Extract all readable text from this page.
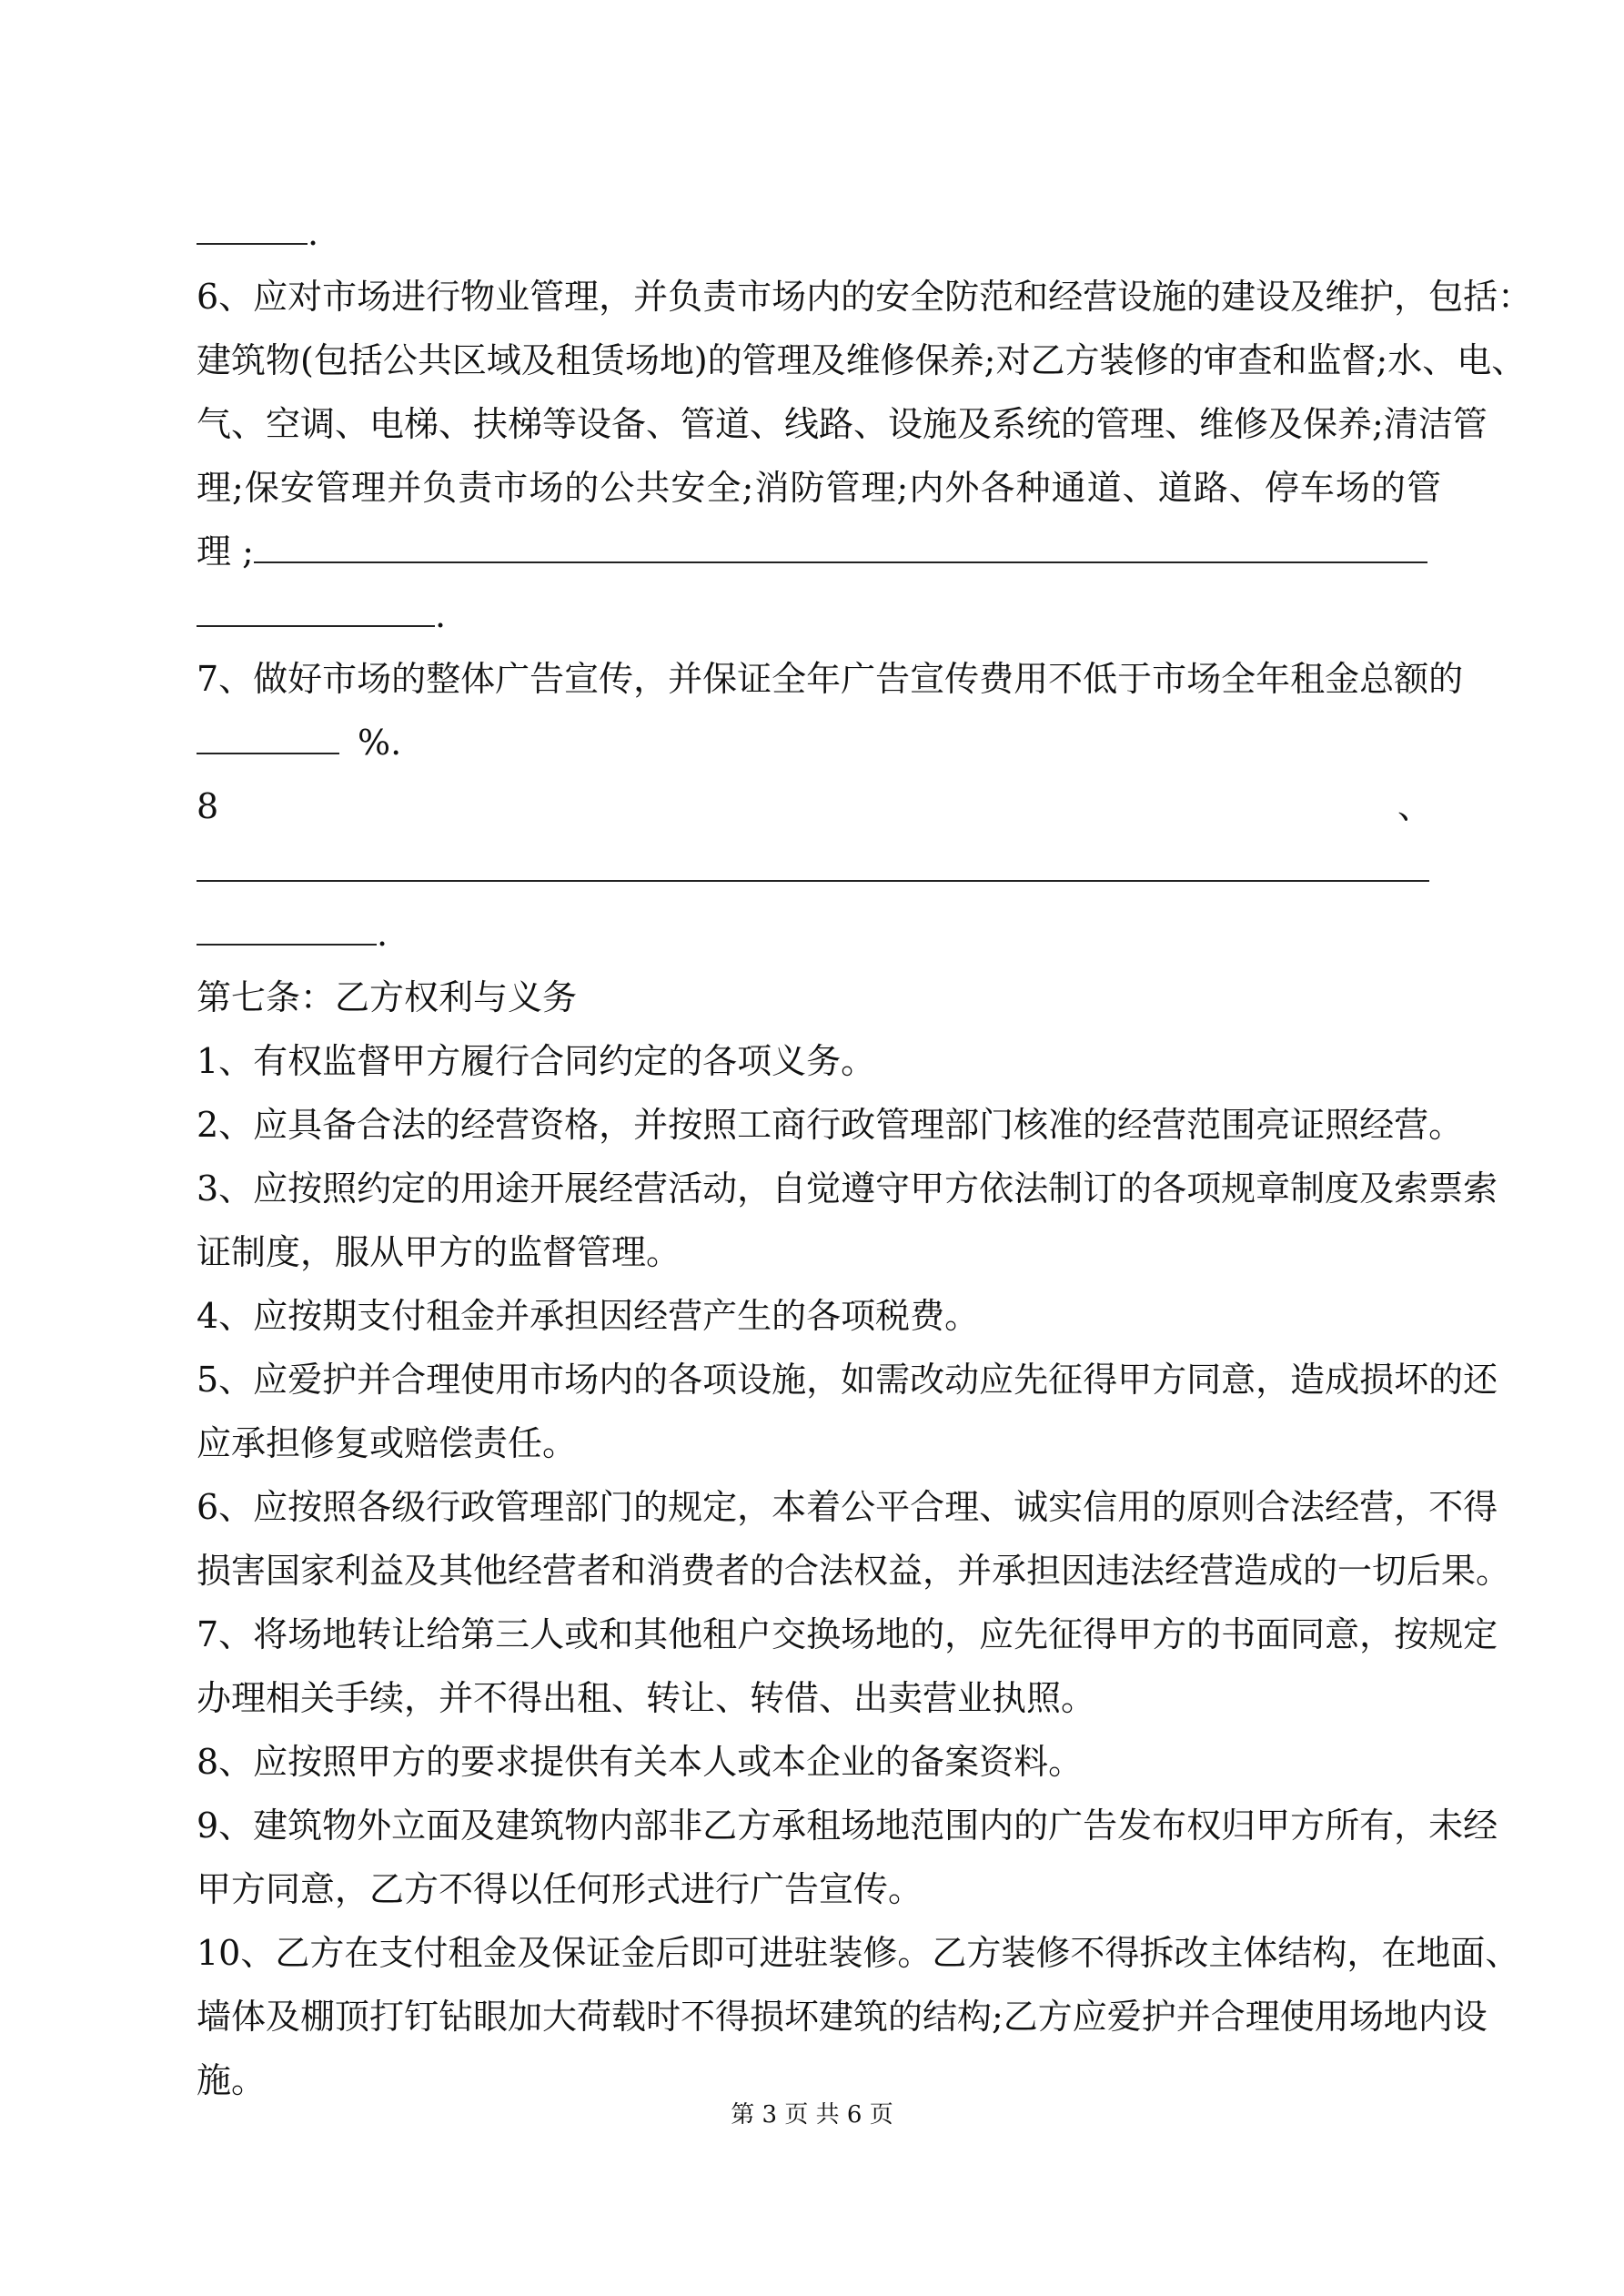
.
6、应对市场进行物业管理，并负责市场内的安全防范和经营设施的建设及维护，包括：
建筑物(包括公共区域及租赁场地)的管理及维修保养;对乙方装修的审查和监督;水、电、
气、空调、电梯、扶梯等设备、管道、线路、设施及系统的管理、维修及保养;清洁管
理;保安管理并负责市场的公共安全;消防管理;内外各种通道、道路、停车场的管
理 ;
.
7、做好市场的整体广告宣传，并保证全年广告宣传费用不低于市场全年租金总额的
%.
8	、
.
第七条：乙方权利与义务
1、有权监督甲方履行合同约定的各项义务。
2、应具备合法的经营资格，并按照工商行政管理部门核准的经营范围亮证照经营。
3、应按照约定的用途开展经营活动，自觉遵守甲方依法制订的各项规章制度及索票索
证制度，服从甲方的监督管理。
4、应按期支付租金并承担因经营产生的各项税费。
5、应爱护并合理使用市场内的各项设施，如需改动应先征得甲方同意，造成损坏的还
应承担修复或赔偿责任。
6、应按照各级行政管理部门的规定，本着公平合理、诚实信用的原则合法经营，不得
损害国家利益及其他经营者和消费者的合法权益，并承担因违法经营造成的一切后果。
7、将场地转让给第三人或和其他租户交换场地的，应先征得甲方的书面同意，按规定
办理相关手续，并不得出租、转让、转借、出卖营业执照。
8、应按照甲方的要求提供有关本人或本企业的备案资料。
9、建筑物外立面及建筑物内部非乙方承租场地范围内的广告发布权归甲方所有，未经
甲方同意，乙方不得以任何形式进行广告宣传。
10、乙方在支付租金及保证金后即可进驻装修。乙方装修不得拆改主体结构，在地面、
墙体及棚顶打钉钻眼加大荷载时不得损坏建筑的结构;乙方应爱护并合理使用场地内设
施。
第 3 页 共 6 页
